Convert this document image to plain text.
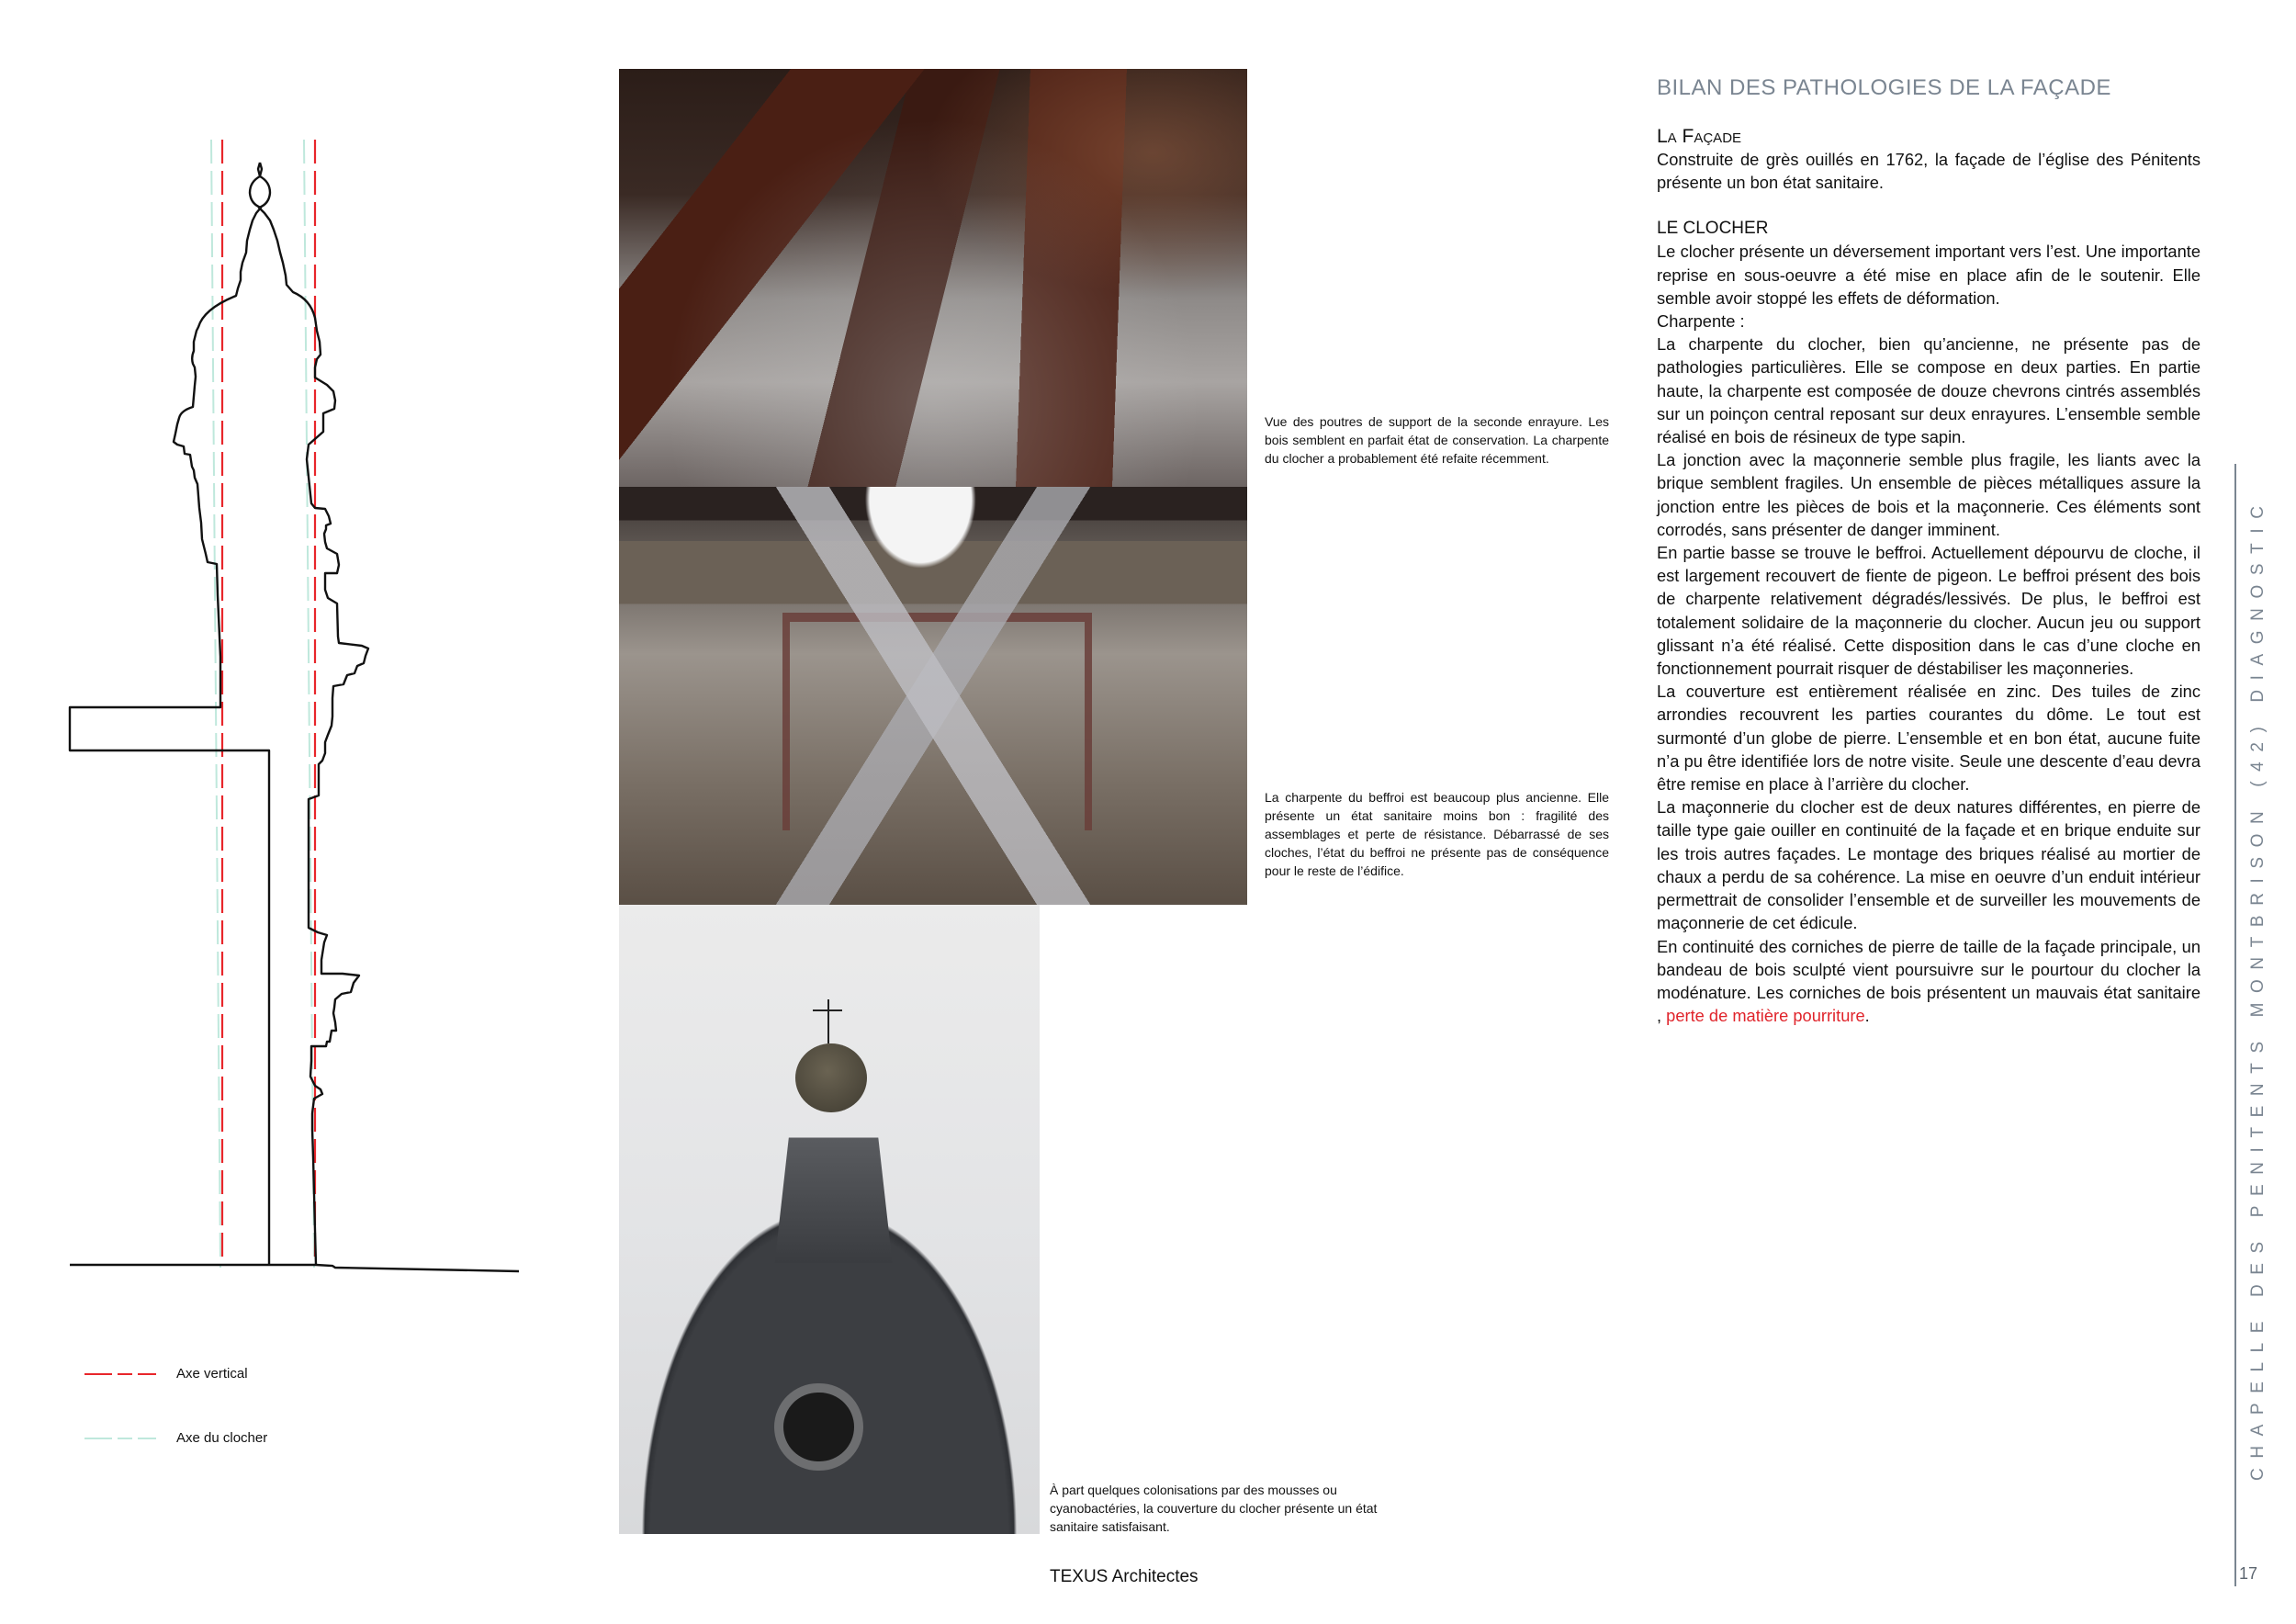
Axe vertical
Axe du clocher

Vue des poutres de support de la seconde enrayure. Les bois semblent en parfait état de conservation. La charpente du clocher a probablement été refaite récemment.

La charpente du beffroi est beaucoup plus ancienne. Elle présente un état sanitaire moins bon : fragilité des assemblages et perte de résistance. Débarrassé de ses cloches, l’état du beffroi ne présente pas de conséquence pour le reste de l’édifice.

À part quelques colonisations par des mousses ou cyanobactéries, la couverture du clocher présente un état sanitaire satisfaisant.

BILAN DES PATHOLOGIES DE LA FAÇADE
La Façade

Construite de grès ouillés en 1762, la façade de l’église des Pénitents présente un bon état sanitaire.

LE CLOCHER

Le clocher présente un déversement important vers l’est. Une importante reprise en sous-oeuvre a été mise en place afin de le soutenir. Elle semble avoir stoppé les effets de déformation.

Charpente :

La charpente du clocher, bien qu’ancienne, ne présente pas de pathologies particulières. Elle se compose en deux parties. En partie haute, la charpente est composée de douze chevrons cintrés assemblés sur un poinçon central reposant sur deux enrayures. L’ensemble semble réalisé en bois de résineux de type sapin.

La jonction avec la maçonnerie semble plus fragile, les liants avec la brique semblent fragiles. Un ensemble de pièces métalliques assure la jonction entre les pièces de bois et la maçonnerie. Ces éléments sont corrodés, sans présenter de danger imminent.

En partie basse se trouve le beffroi. Actuellement dépourvu de cloche, il est largement recouvert de fiente de pigeon. Le beffroi présent des bois de charpente relativement dégradés/lessivés. De plus, le beffroi est totalement solidaire de la maçonnerie du clocher. Aucun jeu ou support glissant n’a été réalisé. Cette disposition dans le cas d’une cloche en fonctionnement pourrait risquer de déstabiliser les maçonneries.

La couverture est entièrement réalisée en zinc. Des tuiles de zinc arrondies recouvrent les parties courantes du dôme. Le tout est surmonté d’un globe de pierre. L’ensemble et en bon état, aucune fuite n’a pu être identifiée lors de notre visite. Seule une descente d’eau devra être remise en place à l’arrière du clocher.

La maçonnerie du clocher est de deux natures différentes, en pierre de taille type gaie ouiller en continuité de la façade et en brique enduite sur les trois autres façades. Le montage des briques réalisé au mortier de chaux a perdu de sa cohérence. La mise en oeuvre d’un enduit intérieur permettrait de consolider l’ensemble et de surveiller les mouvements de maçonnerie de cet édicule.

En continuité des corniches de pierre de taille de la façade principale, un bandeau de bois sculpté vient poursuivre sur le pourtour du clocher la modénature. Les corniches de bois présentent un mauvais état sanitaire , perte de matière pourriture.	CHAPELLE DES PENITENTS MONTBRISON (42) DIAGNOSTIC
17
TEXUS Architectes
